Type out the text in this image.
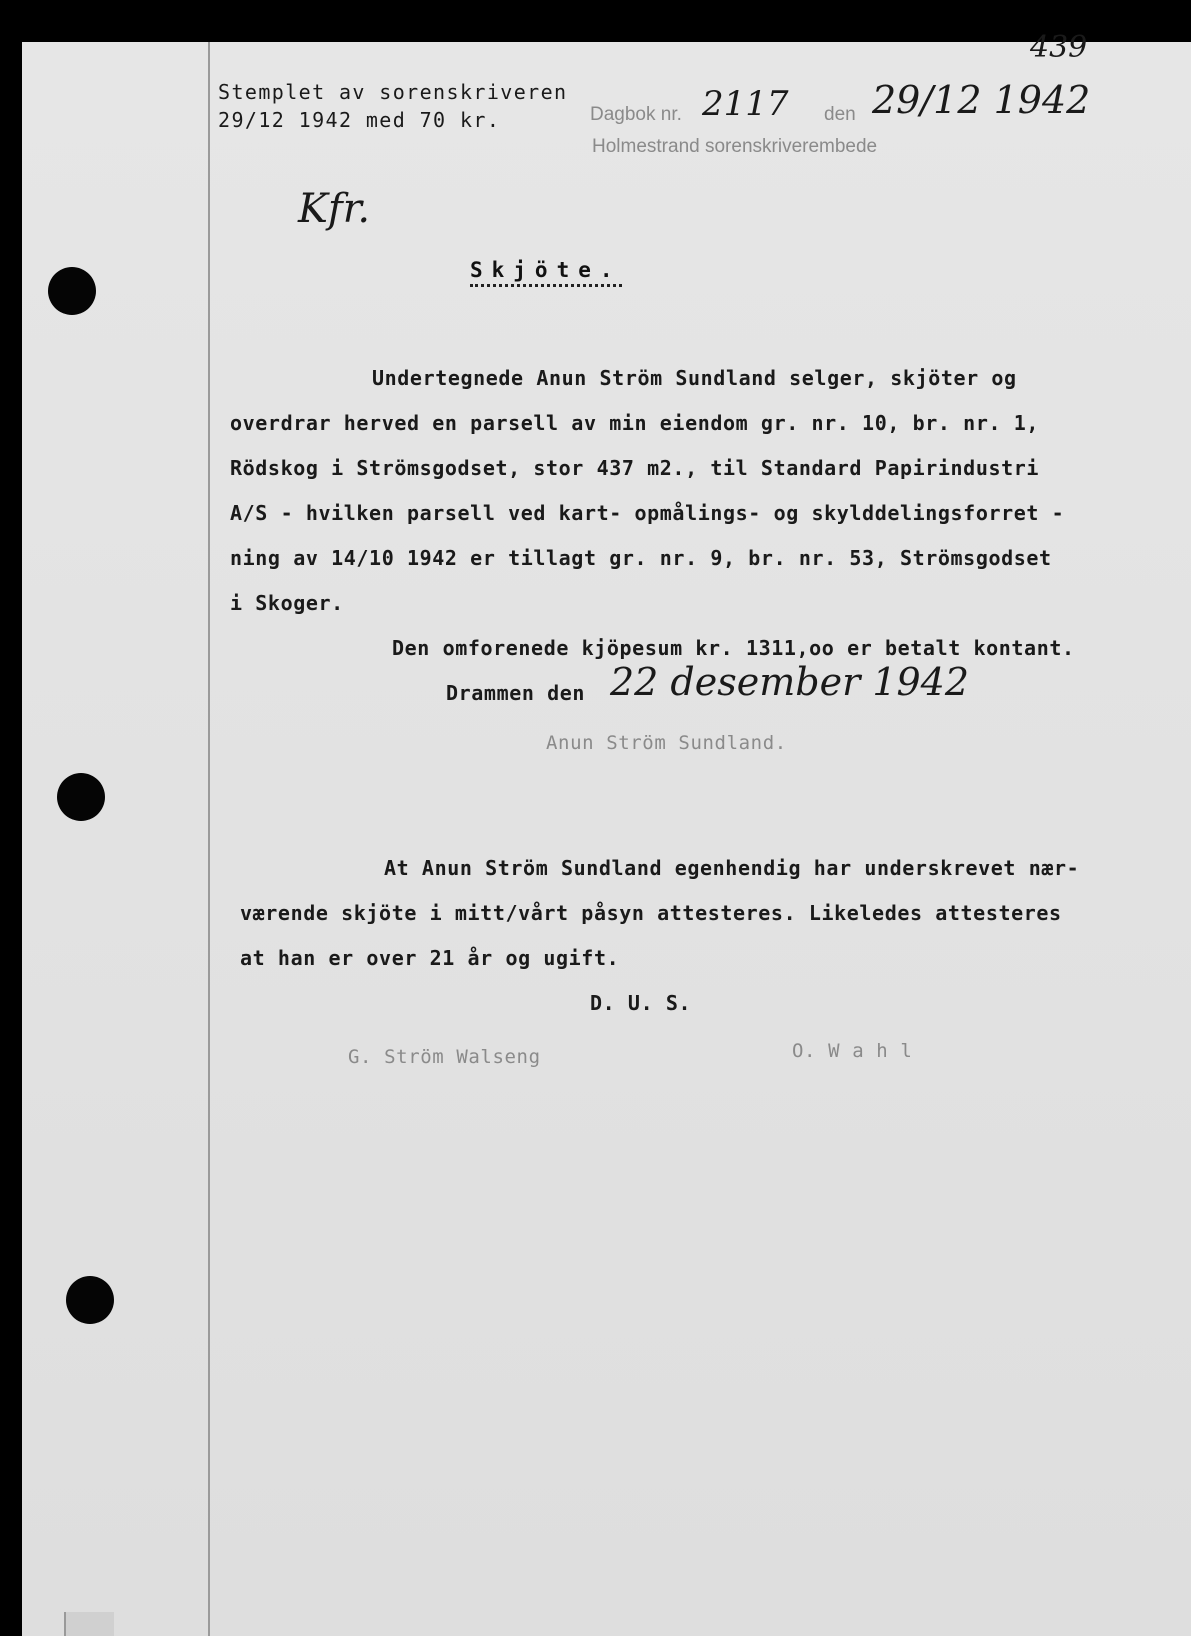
439
Stemplet av sorenskriveren
29/12 1942 med 70 kr.	Dagbok nr. 2117 den 29/12 1942
Holmestrand sorenskriverembede
Kfr.
Skjöte.
Undertegnede Anun Ström Sundland selger, skjöter og
overdrar herved en parsell av min eiendom gr. nr. 10, br. nr. 1,
Rödskog i Strömsgodset, stor 437 m2., til Standard Papirindustri
A/S - hvilken parsell ved kart- opmålings- og skylddelingsforret -
ning av 14/10 1942 er tillagt gr. nr. 9, br. nr. 53, Strömsgodset
i Skoger.
Den omforenede kjöpesum kr. 1311,oo er betalt kontant.
Drammen den 22 desember 1942
Anun Ström Sundland.
At Anun Ström Sundland egenhendig har underskrevet nær-
værende skjöte i mitt/vårt påsyn attesteres. Likeledes attesteres
at han er over 21 år og ugift.
D. U. S.
G. Ström Walseng	O. W a h l
